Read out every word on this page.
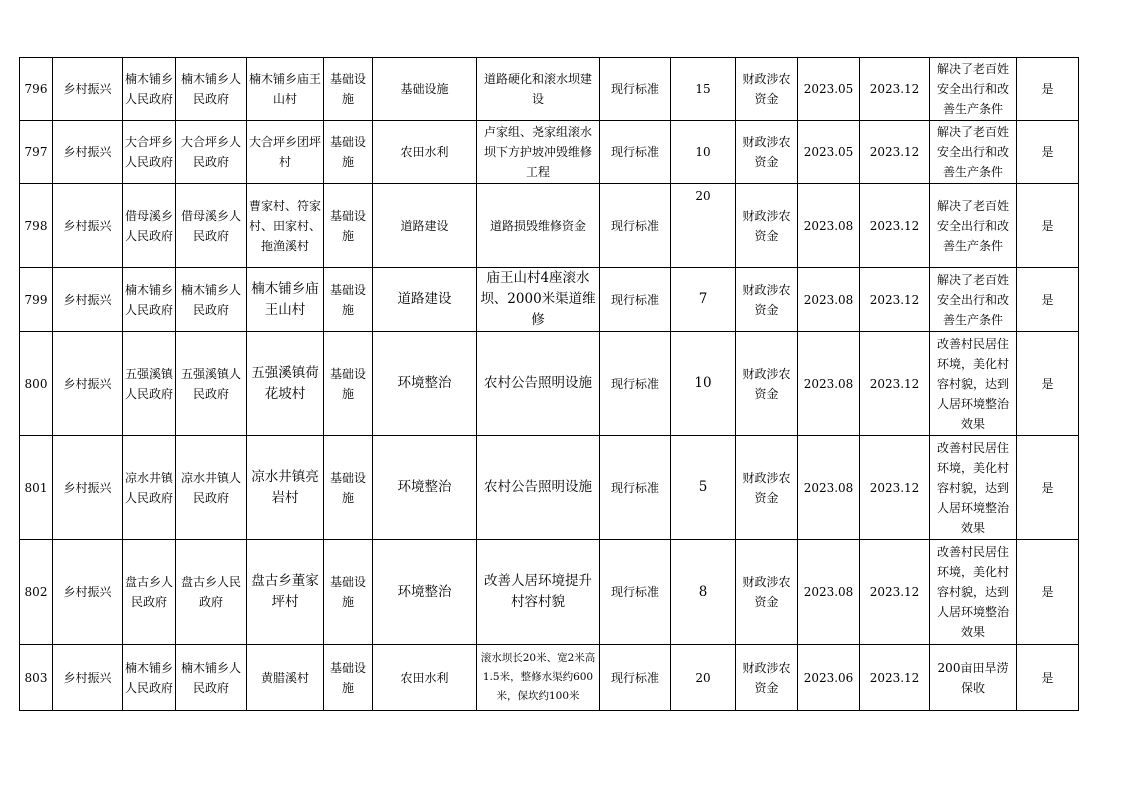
796	乡村振兴	楠木铺乡人民政府	楠木铺乡人民政府	楠木铺乡庙王山村	基础设施	基础设施	道路硬化和滚水坝建设	现行标准	15	财政涉农资金	2023.05	2023.12	解决了老百姓安全出行和改善生产条件	是

797	乡村振兴	大合坪乡人民政府	大合坪乡人民政府	大合坪乡团坪村	基础设施	农田水利	卢家组、尧家组滚水坝下方护坡冲毁维修工程	现行标准	10	财政涉农资金	2023.05	2023.12	解决了老百姓安全出行和改善生产条件	是

798	乡村振兴	借母溪乡人民政府	借母溪乡人民政府	曹家村、符家村、田家村、拖渔溪村	基础设施	道路建设	道路损毁维修资金	现行标准	20	财政涉农资金	2023.08	2023.12	解决了老百姓安全出行和改善生产条件	是

799	乡村振兴	楠木铺乡人民政府	楠木铺乡人民政府	楠木铺乡庙王山村	基础设施	道路建设	庙王山村4座滚水坝、2000米渠道维修	现行标准	7	财政涉农资金	2023.08	2023.12	解决了老百姓安全出行和改善生产条件	是

800	乡村振兴	五强溪镇人民政府	五强溪镇人民政府	五强溪镇荷花坡村	基础设施	环境整治	农村公告照明设施	现行标准	10	财政涉农资金	2023.08	2023.12	改善村民居住环境，美化村容村貌，达到人居环境整治效果	是

801	乡村振兴	凉水井镇人民政府	凉水井镇人民政府	凉水井镇亮岩村	基础设施	环境整治	农村公告照明设施	现行标准	5	财政涉农资金	2023.08	2023.12	改善村民居住环境，美化村容村貌，达到人居环境整治效果	是

802	乡村振兴	盘古乡人民政府	盘古乡人民政府	盘古乡董家坪村	基础设施	环境整治	改善人居环境提升村容村貌	现行标准	8	财政涉农资金	2023.08	2023.12	改善村民居住环境，美化村容村貌，达到人居环境整治效果	是

803	乡村振兴	楠木铺乡人民政府	楠木铺乡人民政府	黄腊溪村	基础设施	农田水利	滚水坝长20米、宽2米高1.5米，整修水渠约600米，保坎约100米	现行标准	20	财政涉农资金	2023.06	2023.12	200亩田旱涝保收	是
